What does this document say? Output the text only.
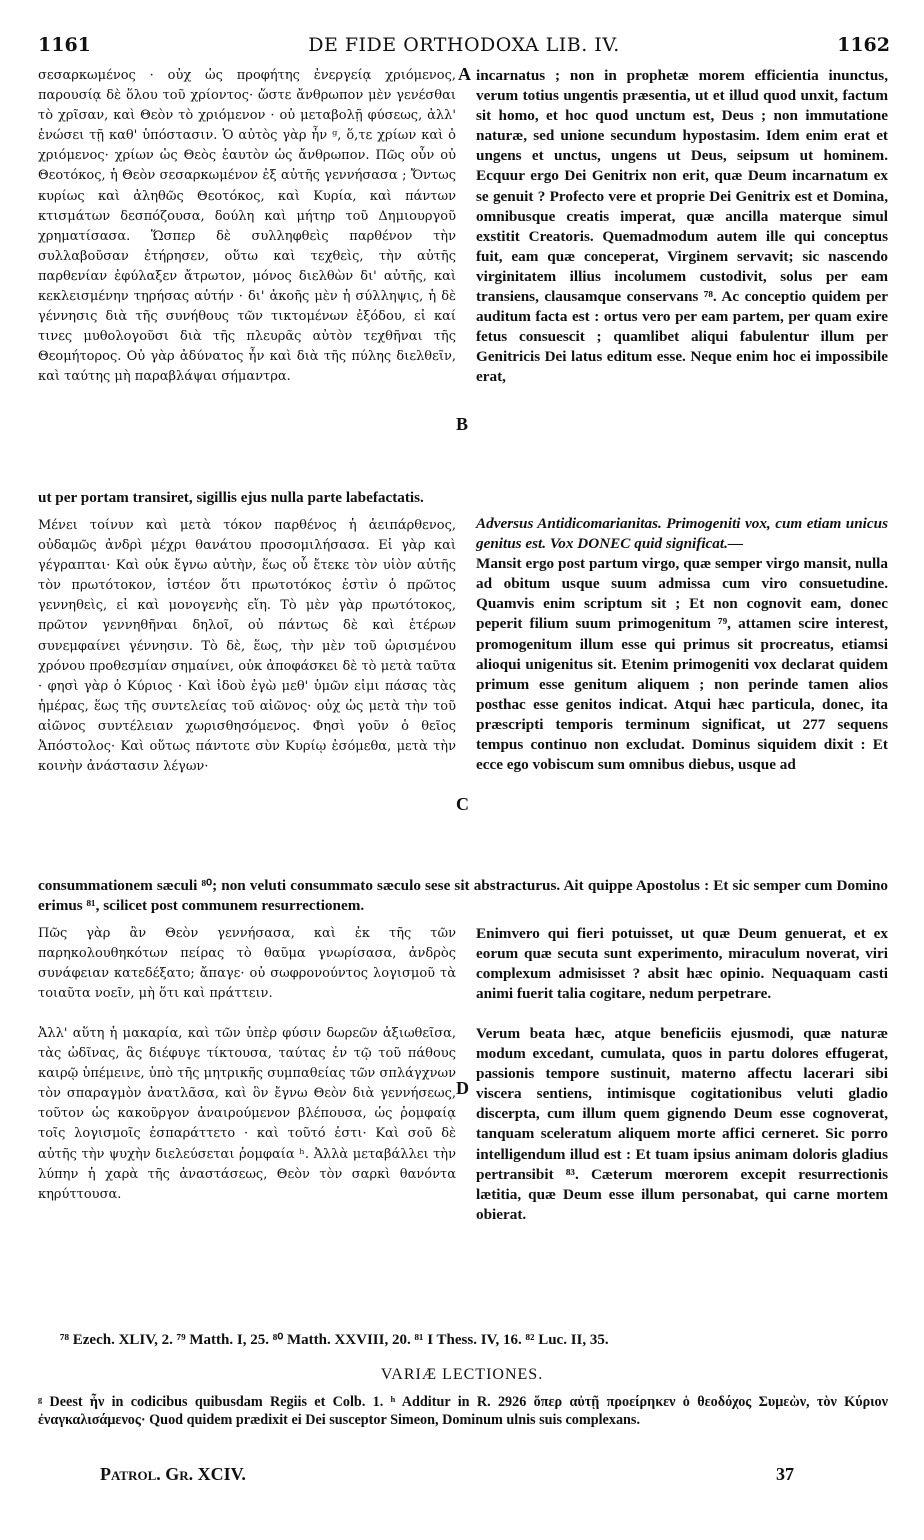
1161	DE FIDE ORTHODOXA LIB. IV.	1162
σεσαρκωμένος · οὐχ ὡς προφήτης ἐνεργείᾳ χριόμενος, παρουσίᾳ δὲ ὅλου τοῦ χρίοντος· ὥστε ἄνθρωπον μὲν γενέσθαι τὸ χρῖσαν, καὶ Θεὸν τὸ χριόμενον · οὐ μεταβολῇ φύσεως, ἀλλ' ἑνώσει τῇ καθ' ὑπόστασιν. Ὁ αὐτὸς γὰρ ἦν ᵍ, ὅ,τε χρίων καὶ ὁ χριόμενος· χρίων ὡς Θεὸς ἑαυτὸν ὡς ἄνθρωπον. Πῶς οὖν οὐ Θεοτόκος, ἡ Θεὸν σεσαρκωμένον ἐξ αὐτῆς γεννήσασα ; Ὄντως κυρίως καὶ ἀληθῶς Θεοτόκος, καὶ Κυρία, καὶ πάντων κτισμάτων δεσπόζουσα, δούλη καὶ μήτηρ τοῦ Δημιουργοῦ χρηματίσασα. Ὥσπερ δὲ συλληφθεὶς παρθένον τὴν συλλαβοῦσαν ἐτήρησεν, οὕτω καὶ τεχθεὶς, τὴν αὐτῆς παρθενίαν ἐφύλαξεν ἄτρωτον, μόνος διελθὼν δι' αὐτῆς, καὶ κεκλεισμένην τηρήσας αὐτήν · δι' ἀκοῆς μὲν ἡ σύλληψις, ἡ δὲ γέννησις διὰ τῆς συνήθους τῶν τικτομένων ἐξόδου, εἰ καί τινες μυθολογοῦσι διὰ τῆς πλευρᾶς αὐτὸν τεχθῆναι τῆς Θεομήτορος. Οὐ γὰρ ἀδύνατος ἦν καὶ διὰ τῆς πύλης διελθεῖν, καὶ ταύτης μὴ παραβλάψαι σήμαντρα.
incarnatus ; non in prophetæ morem efficientia inunctus, verum totius ungentis præsentia, ut et illud quod unxit, factum sit homo, et hoc quod unctum est, Deus ; non immutatione naturæ, sed unione secundum hypostasim. Idem enim erat et ungens et unctus, ungens ut Deus, seipsum ut hominem. Ecquur ergo Dei Genitrix non erit, quæ Deum incarnatum ex se genuit ? Profecto vere et proprie Dei Genitrix est et Domina, omnibusque creatis imperat, quæ ancilla materque simul exstitit Creatoris. Quemadmodum autem ille qui conceptus fuit, eam quæ conceperat, Virginem servavit; sic nascendo virginitatem illius incolumem custodivit, solus per eam transiens, clausamque conservans ⁷⁸. Ac conceptio quidem per auditum facta est : ortus vero per eam partem, per quam exire fetus consuescit ; quamlibet aliqui fabulentur illum per Genitricis Dei latus editum esse. Neque enim hoc ei impossibile erat,
A
B
ut per portam transiret, sigillis ejus nulla parte labefactatis.
Μένει τοίνυν καὶ μετὰ τόκον παρθένος ἡ ἀειπάρθενος, οὐδαμῶς ἀνδρὶ μέχρι θανάτου προσομιλήσασα. Εἰ γὰρ καὶ γέγραπται· Καὶ οὐκ ἔγνω αὐτὴν, ἕως οὗ ἔτεκε τὸν υἱὸν αὐτῆς τὸν πρωτότοκον, ἰστέον ὅτι πρωτοτόκος ἐστὶν ὁ πρῶτος γεννηθεὶς, εἰ καὶ μονογενὴς εἴη. Τὸ μὲν γὰρ πρωτότοκος, πρῶτον γεννηθῆναι δηλοῖ, οὐ πάντως δὲ καὶ ἑτέρων συνεμφαίνει γέννησιν. Τὸ δὲ, ἕως, τὴν μὲν τοῦ ὡρισμένου χρόνου προθεσμίαν σημαίνει, οὐκ ἀποφάσκει δὲ τὸ μετὰ ταῦτα · φησὶ γὰρ ὁ Κύριος · Καὶ ἰδοὺ ἐγὼ μεθ' ὑμῶν εἰμι πάσας τὰς ἡμέρας, ἕως τῆς συντελείας τοῦ αἰῶνος· οὐχ ὡς μετὰ τὴν τοῦ αἰῶνος συντέλειαν χωρισθησόμενος. Φησὶ γοῦν ὁ θεῖος Ἀπόστολος· Καὶ οὕτως πάντοτε σὺν Κυρίῳ ἐσόμεθα, μετὰ τὴν κοινὴν ἀνάστασιν λέγων·

Adversus Antidicomarianitas. Primogeniti vox, cum etiam unicus genitus est. Vox DONEC quid significat.—

Mansit ergo post partum virgo, quæ semper virgo mansit, nulla ad obitum usque suum admissa cum viro consuetudine. Quamvis enim scriptum sit ; Et non cognovit eam, donec peperit filium suum primogenitum ⁷⁹, attamen scire interest, promogenitum illum esse qui primus sit procreatus, etiamsi alioqui unigenitus sit. Etenim primogeniti vox declarat quidem primum esse genitum aliquem ; non perinde tamen alios posthac esse genitos indicat. Atqui hæc particula, donec, ita præscripti temporis terminum significat, ut 277 sequens tempus continuo non excludat. Dominus siquidem dixit : Et ecce ego vobiscum sum omnibus diebus, usque ad

C
consummationem sæculi ⁸⁰; non veluti consummato sæculo sese sit abstracturus. Ait quippe Apostolus : Et sic semper cum Domino erimus ⁸¹, scilicet post communem resurrectionem.
Πῶς γὰρ ἂν Θεὸν γεννήσασα, καὶ ἐκ τῆς τῶν παρηκολουθηκότων πείρας τὸ θαῦμα γνωρίσασα, ἀνδρὸς συνάφειαν κατεδέξατο; ἄπαγε· οὐ σωφρονούντος λογισμοῦ τὰ τοιαῦτα νοεῖν, μὴ ὅτι καὶ πράττειν.
Enimvero qui fieri potuisset, ut quæ Deum genuerat, et ex eorum quæ secuta sunt experimento, miraculum noverat, viri complexum admisisset ? absit hæc opinio. Nequaquam casti animi fuerit talia cogitare, nedum perpetrare.
Ἀλλ' αὕτη ἡ μακαρία, καὶ τῶν ὑπὲρ φύσιν δωρεῶν ἀξιωθεῖσα, τὰς ὠδῖνας, ἃς διέφυγε τίκτουσα, ταύτας ἐν τῷ τοῦ πάθους καιρῷ ὑπέμεινε, ὑπὸ τῆς μητρικῆς συμπαθείας τῶν σπλάγχνων τὸν σπαραγμὸν ἀνατλᾶσα, καὶ ὃν ἔγνω Θεὸν διὰ γεννήσεως, τοῦτον ὡς κακοῦργον ἀναιρούμενον βλέπουσα, ὡς ῥομφαίᾳ τοῖς λογισμοῖς ἐσπαράττετο · καὶ τοῦτό ἐστι· Καὶ σοῦ δὲ αὐτῆς τὴν ψυχὴν διελεύσεται ῥομφαία ʰ. Ἀλλὰ μεταβάλλει τὴν λύπην ἡ χαρὰ τῆς ἀναστάσεως, Θεὸν τὸν σαρκὶ θανόντα κηρύττουσα.
Verum beata hæc, atque beneficiis ejusmodi, quæ naturæ modum excedant, cumulata, quos in partu dolores effugerat, passionis tempore sustinuit, materno affectu lacerari sibi viscera sentiens, intimisque cogitationibus veluti gladio discerpta, cum illum quem gignendo Deum esse cognoverat, tanquam sceleratum aliquem morte affici cerneret. Sic porro intelligendum illud est : Et tuam ipsius animam doloris gladius pertransibit ⁸³. Cæterum mœrorem excepit resurrectionis lætitia, quæ Deum esse illum personabat, qui carne mortem obierat.
D
⁷⁸ Ezech. XLIV, 2. ⁷⁹ Matth. I, 25. ⁸⁰ Matth. XXVIII, 20. ⁸¹ I Thess. IV, 16. ⁸² Luc. II, 35.
VARIÆ LECTIONES.
ᵍ Deest ἦν in codicibus quibusdam Regiis et Colb. 1. ʰ Additur in R. 2926 ὅπερ αὐτῇ προείρηκεν ὁ θεοδόχος Συμεὼν, τὸν Κύριον ἐναγκαλισάμενος· Quod quidem prædixit ei Dei susceptor Simeon, Dominum ulnis suis complexans.
Patrol. Gr. XCIV.	37
